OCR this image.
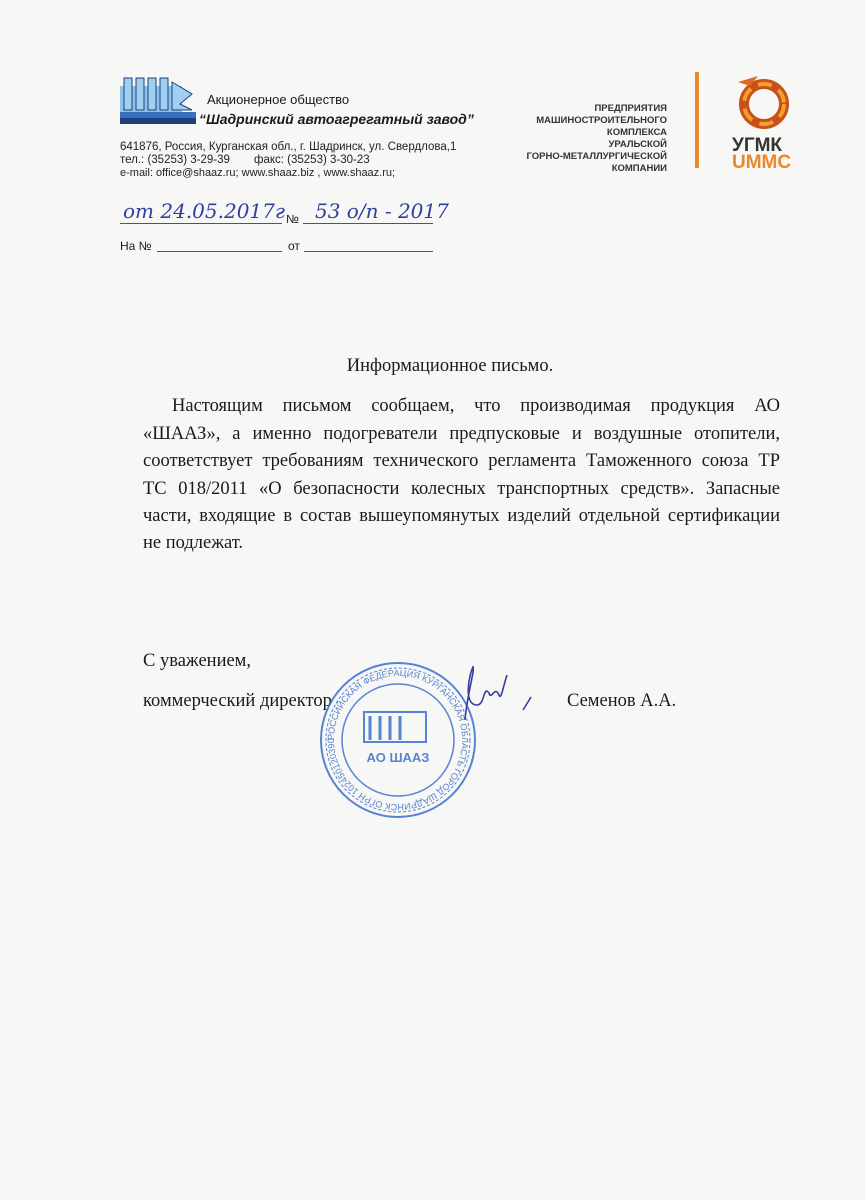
Акционерное общество
“Шадринский автоагрегатный завод”
641876, Россия, Курганская обл., г. Шадринск, ул. Свердлова,1
тел.: (35253) 3-29-39 факс: (35253) 3-30-23
e-mail: office@shaaz.ru; www.shaaz.biz , www.shaaz.ru;
ПРЕДПРИЯТИЯ
МАШИНОСТРОИТЕЛЬНОГО
КОМПЛЕКСА
УРАЛЬСКОЙ
ГОРНО-МЕТАЛЛУРГИЧЕСКОЙ
КОМПАНИИ
УГМК
UMMC
от 24.05.2017г № 53 о/п - 2017
На №	от
Информационное письмо.
Настоящим письмом сообщаем, что производимая продукция АО
«ШААЗ», а именно подогреватели предпусковые и воздушные отопители,
соответствует требованиям технического регламента Таможенного союза ТР
ТС 018/2011 «О безопасности колесных транспортных средств». Запасные
части, входящие в состав вышеупомянутых изделий отдельной сертификации
не подлежат.
С уважением,
коммерческий директор	Семенов А.А.
РОССИЙСКАЯ ФЕДЕРАЦИЯ КУРГАНСКАЯ ОБЛАСТЬ ГОРОД ШАДРИНСК ОГРН 102450120390
АО ШААЗ
